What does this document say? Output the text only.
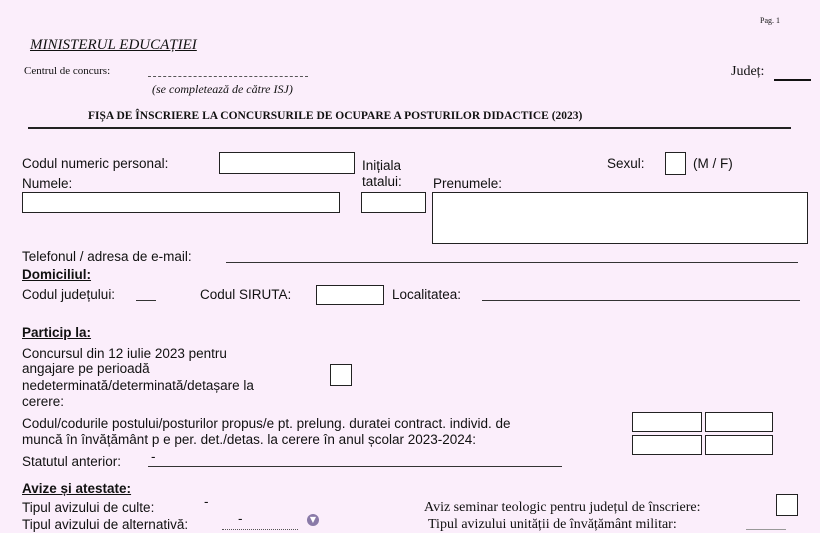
Pag. 1
MINISTERUL EDUCAȚIEI
Centrul de concurs:
(se completează de către ISJ)
Județ:
FIȘA DE ÎNSCRIERE LA CONCURSURILE DE OCUPARE A POSTURILOR DIDACTICE (2023)
Codul numeric personal:	Inițiala
tatalui:
Sexul:	(M / F)
Numele:	Prenumele:
Telefonul / adresa de e-mail:
Domiciliul:
Codul județului:	Codul SIRUTA:	Localitatea:
Particip la:
Concursul din 12 iulie 2023 pentru
angajare pe perioadă
nedeterminată/determinată/detașare la
cerere:
Codul/codurile postului/posturilor propus/e pt. prelung. duratei contract. individ. de
muncă în învățământ p e per. det./detas. la cerere în anul școlar 2023-2024:
Statutul anterior: -
Avize și atestate:
Tipul avizului de culte:	-
Tipul avizului de alternativă:	-	▼
Aviz seminar teologic pentru județul de înscriere:
Tipul avizului unității de învățământ militar:
